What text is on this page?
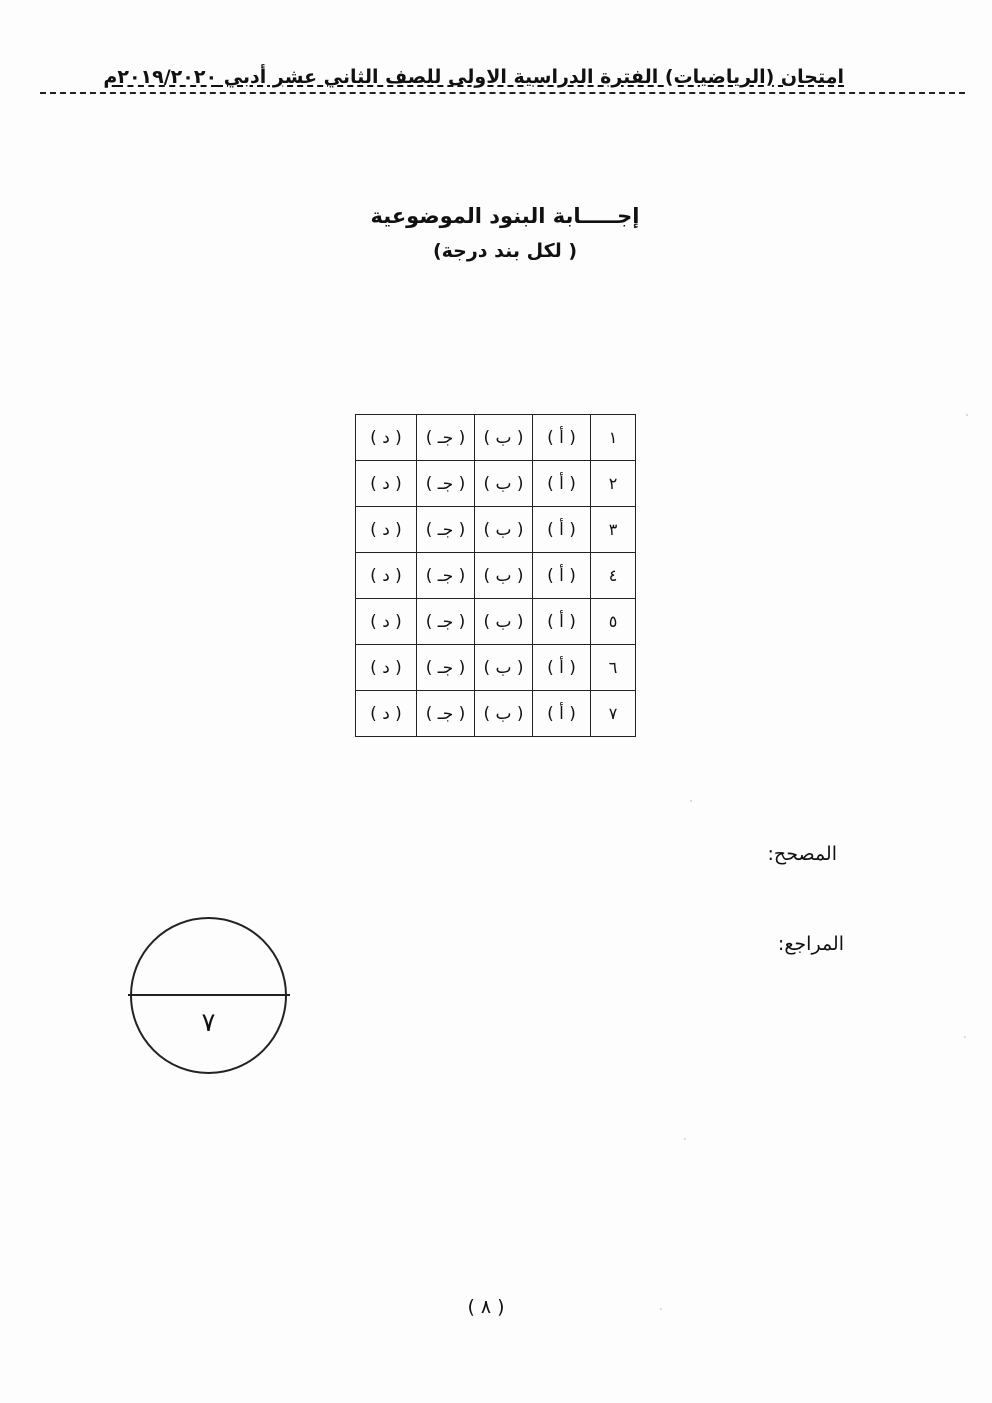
امتحان (الرياضيات) الفترة الدراسية الاولى للصف الثاني عشر أدبي ٢٠١٩/٢٠٢٠م
إجـــــابة البنود الموضوعية
( لكل بند درجة)
١	( أ )	( ب )	( جـ )	( د )
٢	( أ )	( ب )	( جـ )	( د )
٣	( أ )	( ب )	( جـ )	( د )
٤	( أ )	( ب )	( جـ )	( د )
٥	( أ )	( ب )	( جـ )	( د )
٦	( أ )	( ب )	( جـ )	( د )
٧	( أ )	( ب )	( جـ )	( د )
المصحح:
المراجع:
٧
( ٨ )
